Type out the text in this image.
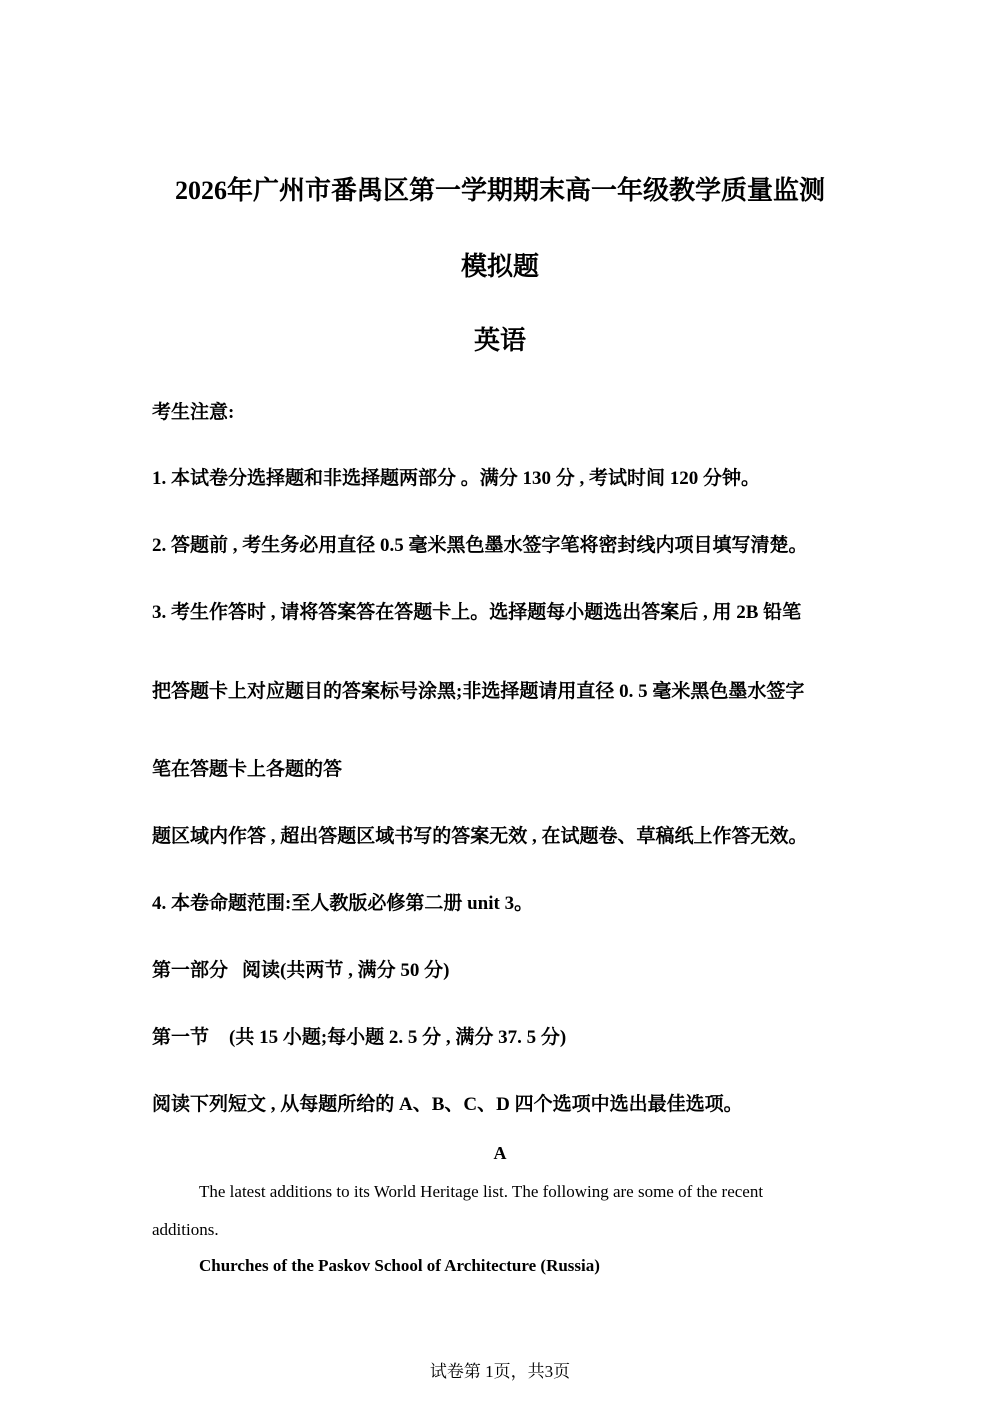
2026年广州市番禺区第一学期期末高一年级教学质量监测
模拟题
英语
考生注意:
1. 本试卷分选择题和非选择题两部分 。满分 130 分 , 考试时间 120 分钟。
2. 答题前 , 考生务必用直径 0.5 毫米黑色墨水签字笔将密封线内项目填写清楚。
3. 考生作答时 , 请将答案答在答题卡上。选择题每小题选出答案后 , 用 2B 铅笔
把答题卡上对应题目的答案标号涂黑;非选择题请用直径 0. 5 毫米黑色墨水签字
笔在答题卡上各题的答
题区域内作答 , 超出答题区域书写的答案无效 , 在试题卷、草稿纸上作答无效。
4. 本卷命题范围:至人教版必修第二册 unit 3。
第一部分 阅读(共两节 , 满分 50 分)
第一节 (共 15 小题;每小题 2. 5 分 , 满分 37. 5 分)
阅读下列短文 , 从每题所给的 A、B、C、D 四个选项中选出最佳选项。
A
The latest additions to its World Heritage list. The following are some of the recent
additions.
Churches of the Paskov School of Architecture (Russia)
试卷第 1页，共3页
